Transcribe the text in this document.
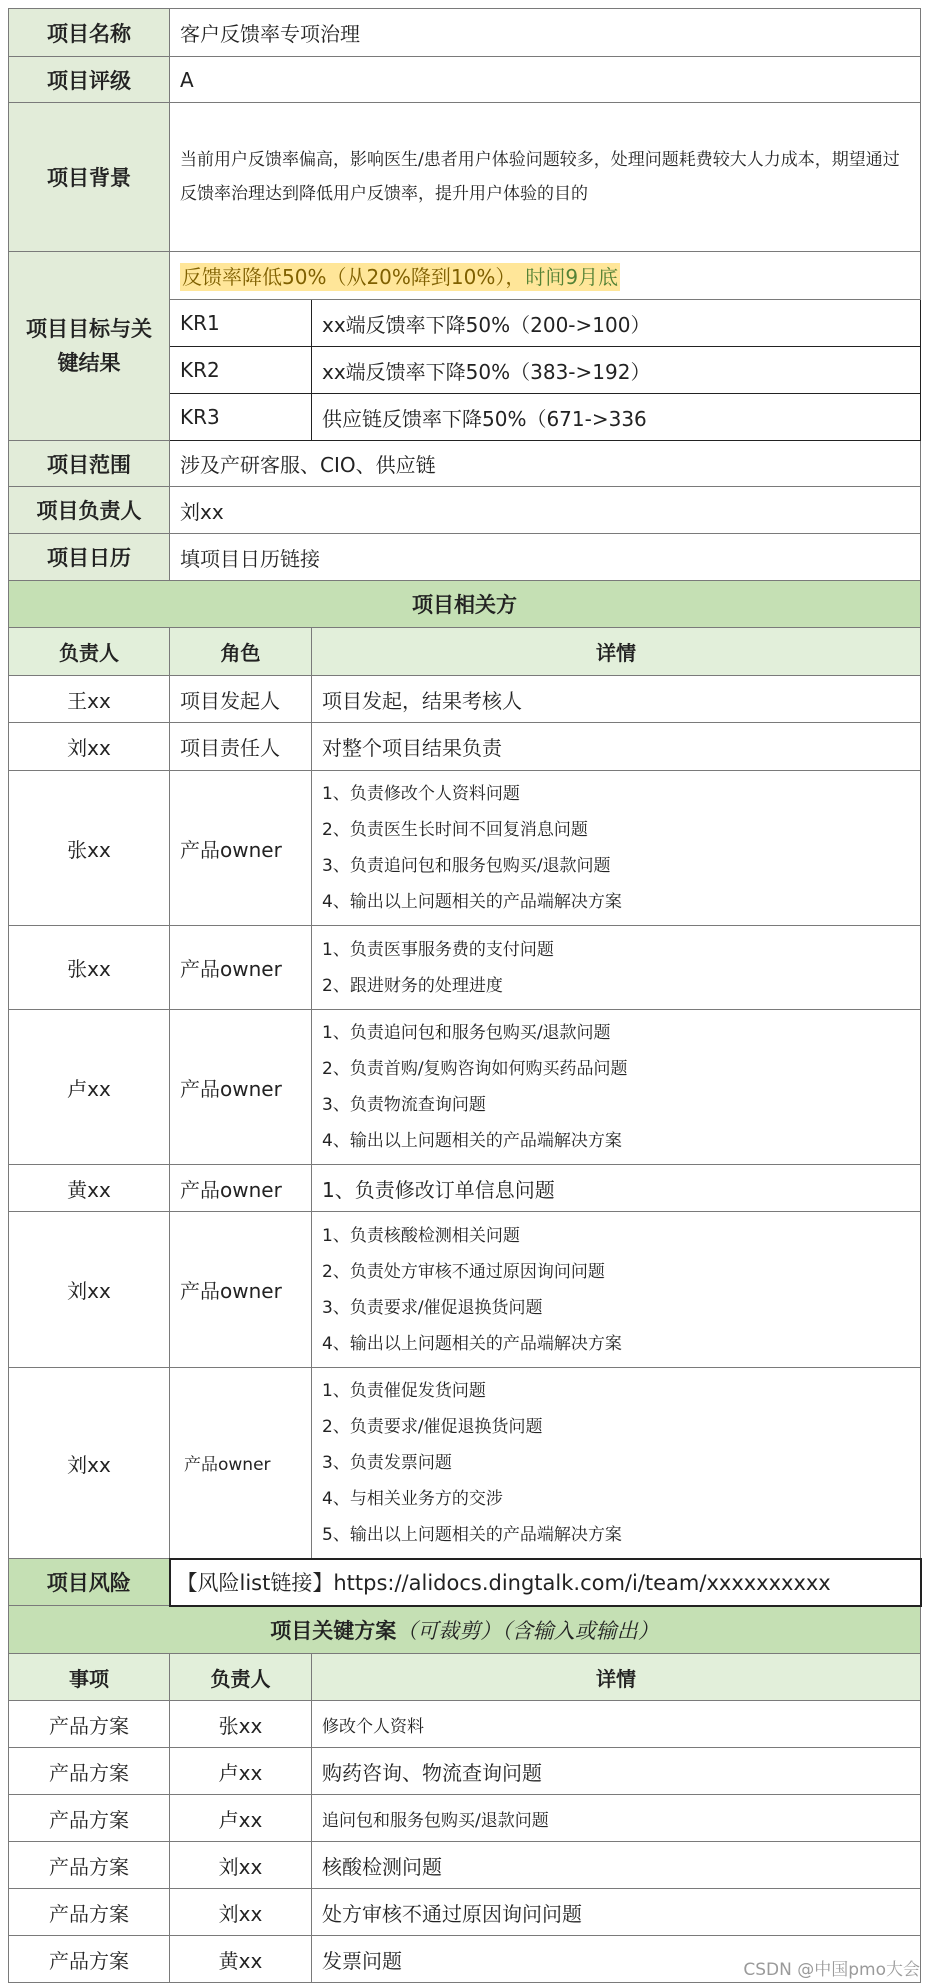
项目名称	客户反馈率专项治理	
项目评级	A	
项目背景	当前用户反馈率偏高，影响医生/患者用户体验问题较多，处理问题耗费较大人力成本，期望通过反馈率治理达到降低用户反馈率，提升用户体验的目的	
项目目标与关键结果	反馈率降低50%（从20%降到10%），时间9月底	
	KR1	xx端反馈率下降50%（200->100）
	KR2	xx端反馈率下降50%（383->192）
	KR3	供应链反馈率下降50%（671->336
项目范围	涉及产研客服、CIO、供应链	
项目负责人	刘xx	
项目日历	填项目日历链接	
项目相关方		
负责人	角色	详情
王xx	项目发起人	项目发起，结果考核人
刘xx	项目责任人	对整个项目结果负责
张xx	产品owner	1、负责修改个人资料问题
2、负责医生长时间不回复消息问题
3、负责追问包和服务包购买/退款问题
4、输出以上问题相关的产品端解决方案

张xx	产品owner	1、负责医事服务费的支付问题
2、跟进财务的处理进度

卢xx	产品owner	1、负责追问包和服务包购买/退款问题
2、负责首购/复购咨询如何购买药品问题
3、负责物流查询问题
4、输出以上问题相关的产品端解决方案

黄xx	产品owner	1、负责修改订单信息问题
刘xx	产品owner	1、负责核酸检测相关问题
2、负责处方审核不通过原因询问问题
3、负责要求/催促退换货问题
4、输出以上问题相关的产品端解决方案

刘xx	产品owner	1、负责催促发货问题
2、负责要求/催促退换货问题
3、负责发票问题
4、与相关业务方的交涉
5、输出以上问题相关的产品端解决方案

项目风险	【风险list链接】https://alidocs.dingtalk.com/i/team/xxxxxxxxxx	
项目关键方案（可裁剪）（含输入或输出）		
事项	负责人	详情
产品方案	张xx	修改个人资料
产品方案	卢xx	购药咨询、物流查询问题
产品方案	卢xx	追问包和服务包购买/退款问题
产品方案	刘xx	核酸检测问题
产品方案	刘xx	处方审核不通过原因询问问题
产品方案	黄xx	发票问题	CSDN @中国pmo大会
